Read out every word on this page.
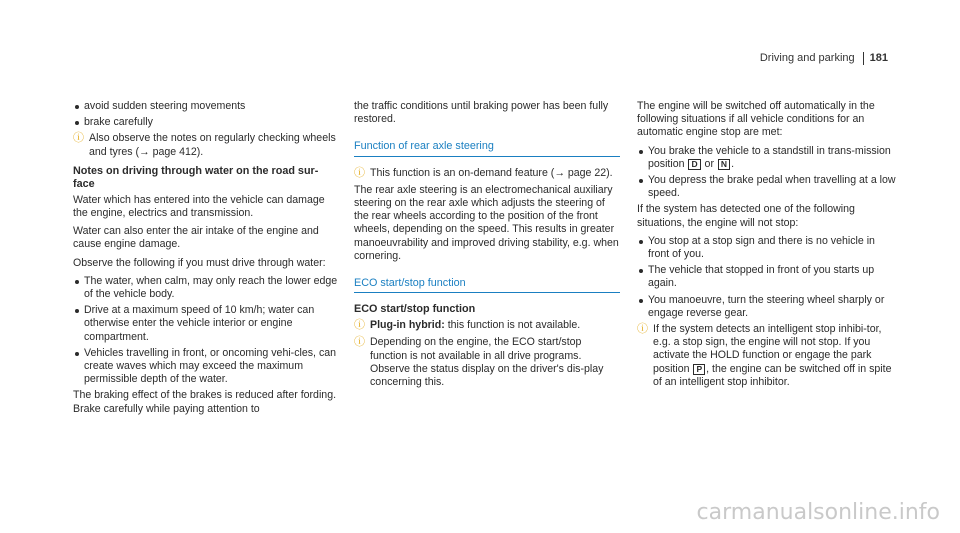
Driving and parking 181
avoid sudden steering movements
brake carefully
ⓘ Also observe the notes on regularly checking wheels and tyres (→ page 412).
Notes on driving through water on the road sur-face

Water which has entered into the vehicle can damage the engine, electrics and transmission.

Water can also enter the air intake of the engine and cause engine damage.

Observe the following if you must drive through water:

The water, when calm, may only reach the lower edge of the vehicle body.
Drive at a maximum speed of 10 km/h; water can otherwise enter the vehicle interior or engine compartment.
Vehicles travelling in front, or oncoming vehi-cles, can create waves which may exceed the maximum permissible depth of the water.

The braking effect of the brakes is reduced after fording. Brake carefully while paying attention to

the traffic conditions until braking power has been fully restored.

Function of rear axle steering
ⓘ This function is an on-demand feature (→ page 22).

The rear axle steering is an electromechanical auxiliary steering on the rear axle which adjusts the steering of the rear wheels according to the position of the front wheels, depending on the speed. This results in greater manoeuvrability and improved driving stability, e.g. when cornering.

ECO start/stop function
ECO start/stop function
ⓘ Plug-in hybrid: this function is not available.
ⓘ Depending on the engine, the ECO start/stop function is not available in all drive programs. Observe the status display on the driver's dis-play concerning this.

The engine will be switched off automatically in the following situations if all vehicle conditions for an automatic engine stop are met:

You brake the vehicle to a standstill in trans-mission position D or N .
You depress the brake pedal when travelling at a low speed.

If the system has detected one of the following situations, the engine will not stop:

You stop at a stop sign and there is no vehicle in front of you.
The vehicle that stopped in front of you starts up again.
You manoeuvre, turn the steering wheel sharply or engage reverse gear.
ⓘ If the system detects an intelligent stop inhibi-tor, e.g. a stop sign, the engine will not stop. If you activate the HOLD function or engage the park position P , the engine can be switched off in spite of an intelligent stop inhibitor.
carmanualsonline.info
